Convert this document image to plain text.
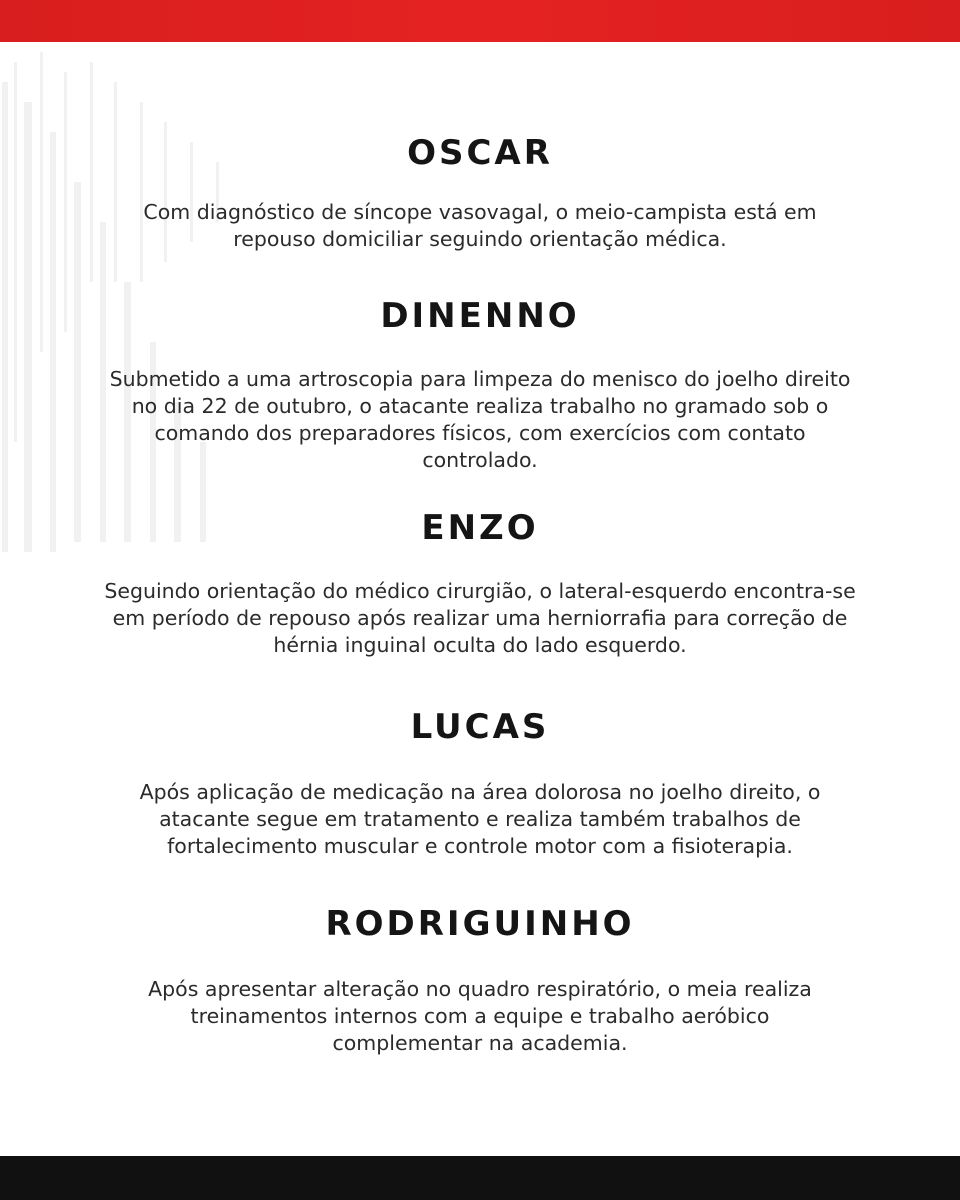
OSCAR

Com diagnóstico de síncope vasovagal, o meio-campista está em
repouso domiciliar seguindo orientação médica.

DINENNO

Submetido a uma artroscopia para limpeza do menisco do joelho direito
no dia 22 de outubro, o atacante realiza trabalho no gramado sob o
comando dos preparadores físicos, com exercícios com contato
controlado.

ENZO

Seguindo orientação do médico cirurgião, o lateral-esquerdo encontra-se
em período de repouso após realizar uma herniorrafia para correção de
hérnia inguinal oculta do lado esquerdo.

LUCAS

Após aplicação de medicação na área dolorosa no joelho direito, o
atacante segue em tratamento e realiza também trabalhos de
fortalecimento muscular e controle motor com a fisioterapia.

RODRIGUINHO

Após apresentar alteração no quadro respiratório, o meia realiza
treinamentos internos com a equipe e trabalho aeróbico
complementar na academia.
